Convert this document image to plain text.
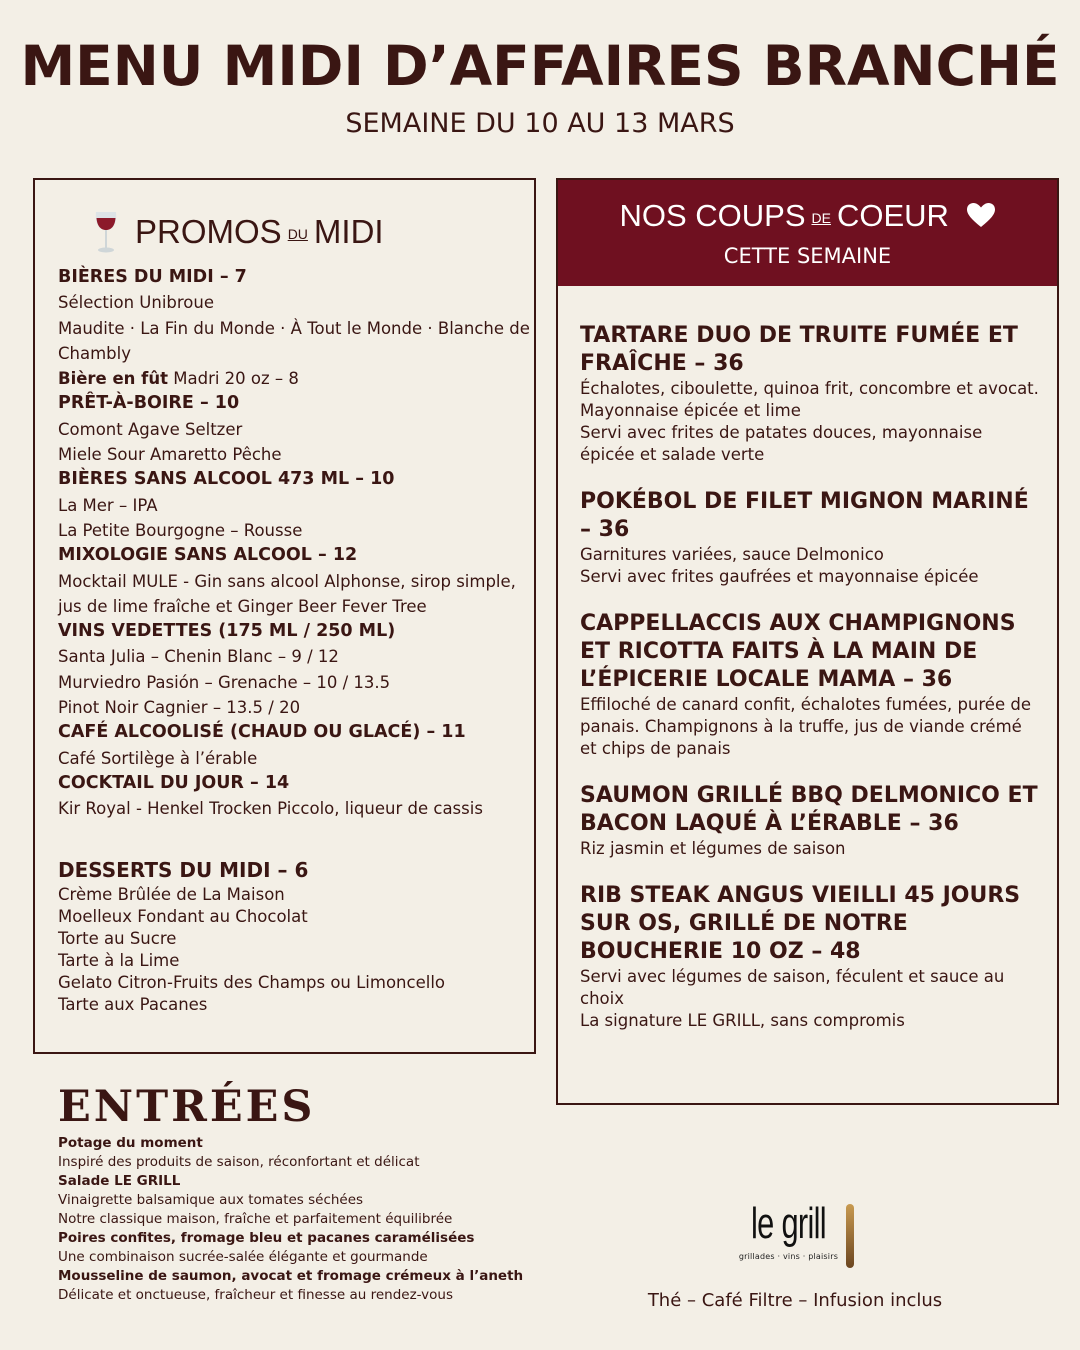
MENU MIDI D’AFFAIRES BRANCHÉ
SEMAINE DU 10 AU 13 MARS
PROMOS DU MIDI
BIÈRES DU MIDI – 7
Sélection Unibroue
Maudite · La Fin du Monde · À Tout le Monde · Blanche de Chambly
Bière en fût Madri 20 oz – 8
PRÊT-À-BOIRE – 10
Comont Agave Seltzer
Miele Sour Amaretto Pêche
BIÈRES SANS ALCOOL 473 ML – 10
La Mer – IPA
La Petite Bourgogne – Rousse
MIXOLOGIE SANS ALCOOL – 12
Mocktail MULE - Gin sans alcool Alphonse, sirop simple, jus de lime fraîche et Ginger Beer Fever Tree
VINS VEDETTES (175 ML / 250 ML)
Santa Julia – Chenin Blanc – 9 / 12
Murviedro Pasión – Grenache – 10 / 13.5
Pinot Noir Cagnier – 13.5 / 20
CAFÉ ALCOOLISÉ (CHAUD OU GLACÉ) – 11
Café Sortilège à l’érable
COCKTAIL DU JOUR – 14
Kir Royal - Henkel Trocken Piccolo, liqueur de cassis
DESSERTS DU MIDI – 6
Crème Brûlée de La Maison
Moelleux Fondant au Chocolat
Torte au Sucre
Tarte à la Lime
Gelato Citron-Fruits des Champs ou Limoncello
Tarte aux Pacanes
NOS COUPS DE COEUR
CETTE SEMAINE
TARTARE DUO DE TRUITE FUMÉE ET FRAÎCHE – 36
Échalotes, ciboulette, quinoa frit, concombre et avocat. Mayonnaise épicée et lime
Servi avec frites de patates douces, mayonnaise épicée et salade verte
POKÉBOL DE FILET MIGNON MARINÉ – 36
Garnitures variées, sauce Delmonico
Servi avec frites gaufrées et mayonnaise épicée
CAPPELLACCIS AUX CHAMPIGNONS ET RICOTTA FAITS À LA MAIN DE L’ÉPICERIE LOCALE MAMA – 36
Effiloché de canard confit, échalotes fumées, purée de panais. Champignons à la truffe, jus de viande crémé et chips de panais
SAUMON GRILLÉ BBQ DELMONICO ET BACON LAQUÉ À L’ÉRABLE – 36
Riz jasmin et légumes de saison
RIB STEAK ANGUS VIEILLI 45 JOURS SUR OS, GRILLÉ DE NOTRE BOUCHERIE 10 OZ – 48
Servi avec légumes de saison, féculent et sauce au choix
La signature LE GRILL, sans compromis
ENTRÉES
Potage du moment
Inspiré des produits de saison, réconfortant et délicat
Salade LE GRILL
Vinaigrette balsamique aux tomates séchées
Notre classique maison, fraîche et parfaitement équilibrée
Poires confites, fromage bleu et pacanes caramélisées
Une combinaison sucrée-salée élégante et gourmande
Mousseline de saumon, avocat et fromage crémeux à l’aneth
Délicate et onctueuse, fraîcheur et finesse au rendez-vous
le grill
grillades · vins · plaisirs
Thé – Café Filtre – Infusion inclus
